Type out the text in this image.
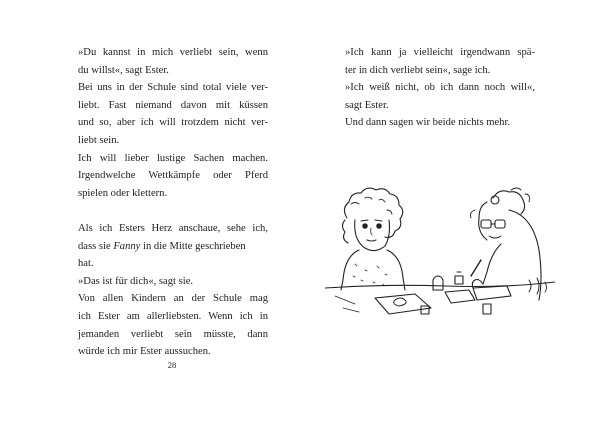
»Du kannst in mich verliebt sein, wenn
du willst«, sagt Ester.
Bei uns in der Schule sind total viele ver-
liebt. Fast niemand davon mit küssen
und so, aber ich will trotzdem nicht ver-
liebt sein.
Ich will lieber lustige Sachen machen.
Irgendwelche Wettkämpfe oder Pferd
spielen oder klettern.
Als ich Esters Herz anschaue, sehe ich,
dass sie Fanny in die Mitte geschrieben
hat.
»Das ist für dich«, sagt sie.
Von allen Kindern an der Schule mag
ich Ester am allerliebsten. Wenn ich in
jemanden verliebt sein müsste, dann
würde ich mir Ester aussuchen.
28
»Ich kann ja vielleicht irgendwann spä-
ter in dich verliebt sein«, sage ich.
»Ich weiß nicht, ob ich dann noch will«,
sagt Ester.
Und dann sagen wir beide nichts mehr.
